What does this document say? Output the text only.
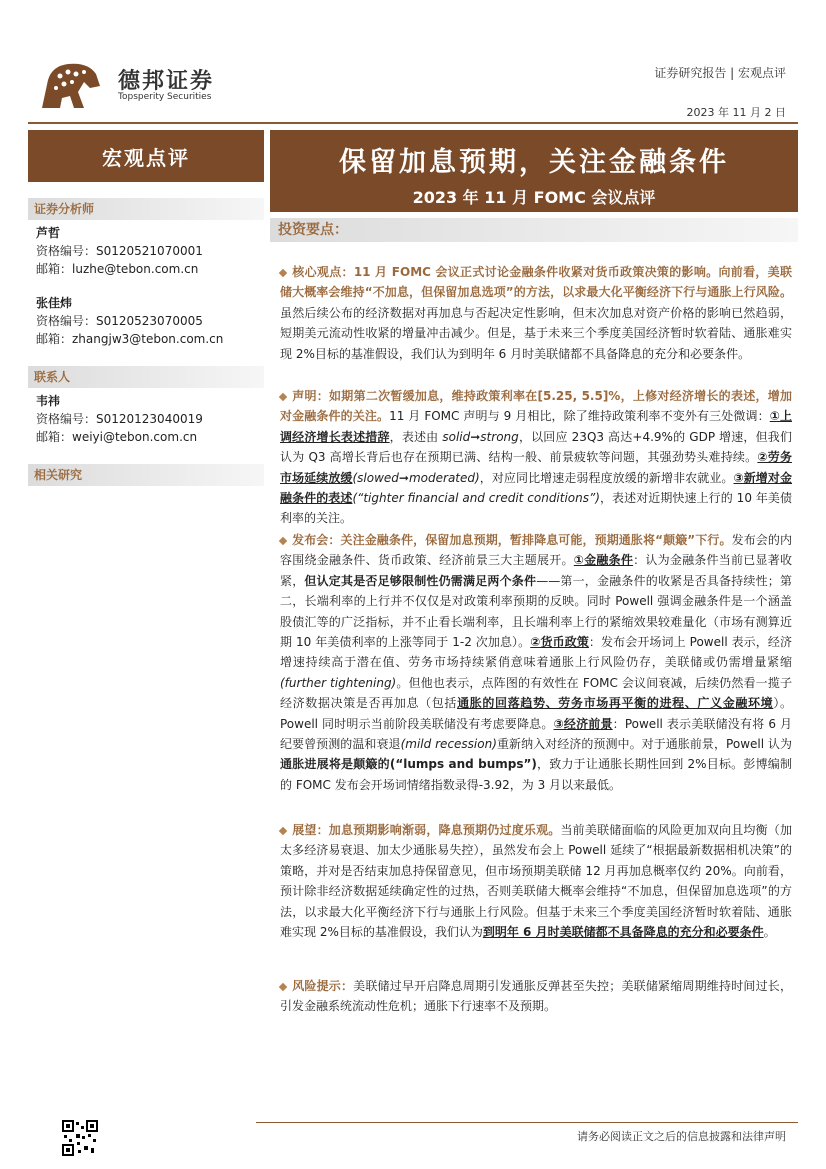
德邦证券
Topsperity Securities
证券研究报告 | 宏观点评
2023 年 11 月 2 日
宏观点评
证券分析师
芦哲
资格编号：S0120521070001
邮箱：luzhe@tebon.com.cn
张佳炜
资格编号：S0120523070005
邮箱：zhangjw3@tebon.com.cn
联系人
韦祎
资格编号：S0120123040019
邮箱：weiyi@tebon.com.cn
相关研究
保留加息预期，关注金融条件
2023 年 11 月 FOMC 会议点评
投资要点：
核心观点：11 月 FOMC 会议正式讨论金融条件收紧对货币政策决策的影响。向前看，美联储大概率会维持“不加息，但保留加息选项”的方法，以求最大化平衡经济下行与通胀上行风险。虽然后续公布的经济数据对再加息与否起决定性影响，但末次加息对资产价格的影响已然趋弱，短期美元流动性收紧的增量冲击减少。但是，基于未来三个季度美国经济暂时软着陆、通胀难实现 2%目标的基准假设，我们认为到明年 6 月时美联储都不具备降息的充分和必要条件。
声明：如期第二次暂缓加息，维持政策利率在[5.25, 5.5]%，上修对经济增长的表述，增加对金融条件的关注。11 月 FOMC 声明与 9 月相比，除了维持政策利率不变外有三处微调：①上调经济增长表述措辞，表述由 solid➞strong，以回应 23Q3 高达+4.9%的 GDP 增速，但我们认为 Q3 高增长背后也存在预期已满、结构一般、前景疲软等问题，其强劲势头难持续。②劳务市场延续放缓(slowed➞moderated)，对应同比增速走弱程度放缓的新增非农就业。③新增对金融条件的表述(“tighter financial and credit conditions”)，表述对近期快速上行的 10 年美债利率的关注。
发布会：关注金融条件，保留加息预期，暂排降息可能，预期通胀将“颠簸”下行。发布会的内容围绕金融条件、货币政策、经济前景三大主题展开。①金融条件：认为金融条件当前已显著收紧，但认定其是否足够限制性仍需满足两个条件——第一，金融条件的收紧是否具备持续性；第二，长端利率的上行并不仅仅是对政策利率预期的反映。同时 Powell 强调金融条件是一个涵盖股债汇等的广泛指标，并不止看长端利率，且长端利率上行的紧缩效果较难量化（市场有测算近期 10 年美债利率的上涨等同于 1-2 次加息）。②货币政策：发布会开场词上 Powell 表示，经济增速持续高于潜在值、劳务市场持续紧俏意味着通胀上行风险仍存，美联储或仍需增量紧缩(further tightening)。但他也表示，点阵图的有效性在 FOMC 会议间衰减，后续仍然看一揽子经济数据决策是否再加息（包括通胀的回落趋势、劳务市场再平衡的进程、广义金融环境）。Powell 同时明示当前阶段美联储没有考虑要降息。③经济前景：Powell 表示美联储没有将 6 月纪要曾预测的温和衰退(mild recession)重新纳入对经济的预测中。对于通胀前景，Powell 认为通胀进展将是颠簸的(“lumps and bumps”)，致力于让通胀长期性回到 2%目标。彭博编制的 FOMC 发布会开场词情绪指数录得-3.92，为 3 月以来最低。
展望：加息预期影响渐弱，降息预期仍过度乐观。当前美联储面临的风险更加双向且均衡（加太多经济易衰退、加太少通胀易失控），虽然发布会上 Powell 延续了“根据最新数据相机决策”的策略，并对是否结束加息持保留意见，但市场预期美联储 12 月再加息概率仅约 20%。向前看，预计除非经济数据延续确定性的过热，否则美联储大概率会维持“不加息，但保留加息选项”的方法，以求最大化平衡经济下行与通胀上行风险。但基于未来三个季度美国经济暂时软着陆、通胀难实现 2%目标的基准假设，我们认为到明年 6 月时美联储都不具备降息的充分和必要条件。
风险提示：美联储过早开启降息周期引发通胀反弹甚至失控；美联储紧缩周期维持时间过长，引发金融系统流动性危机；通胀下行速率不及预期。
请务必阅读正文之后的信息披露和法律声明
